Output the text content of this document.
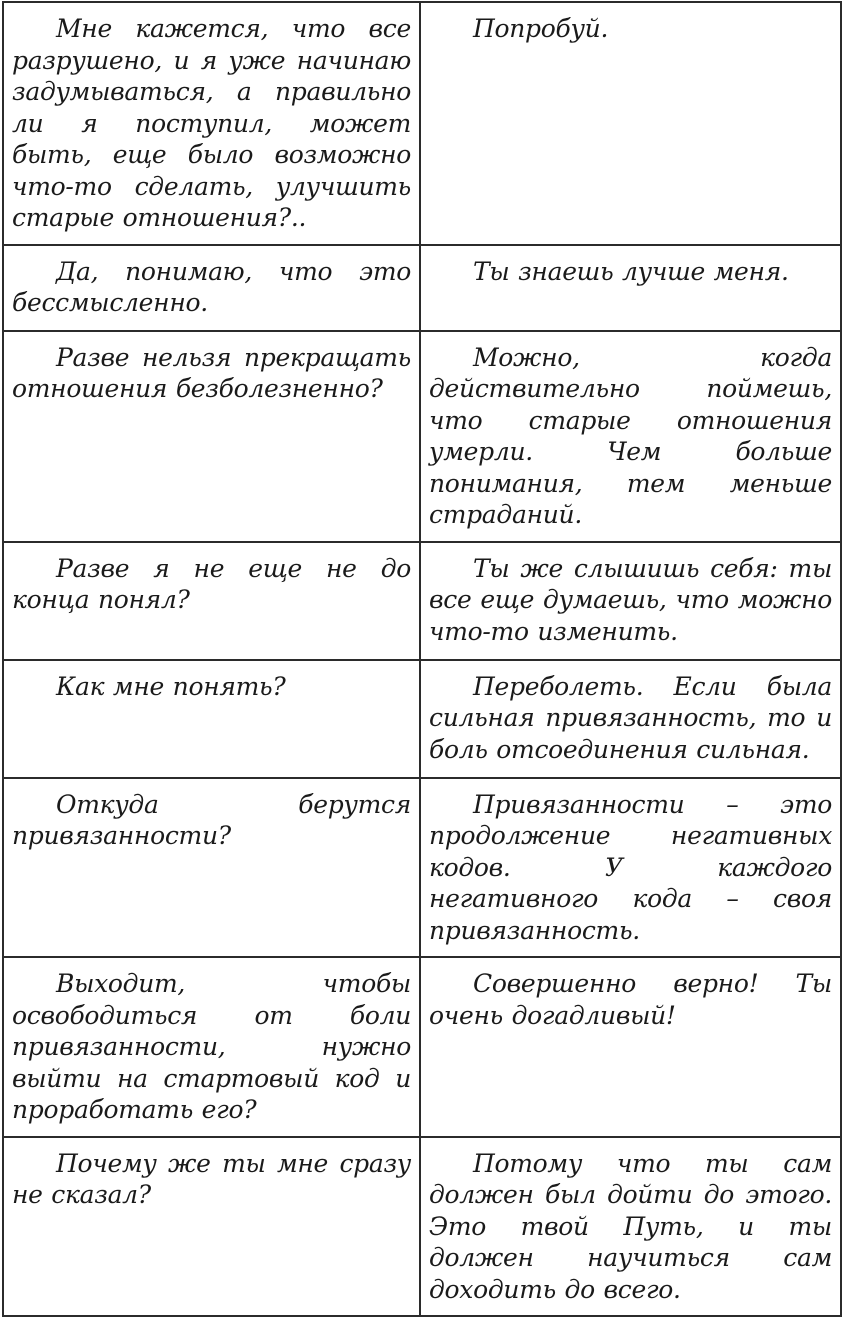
Мне кажется, что все разрушено, и я уже начинаю задумываться, а правильно ли я поступил, может быть, еще было возможно что-то сделать, улучшить старые отношения?..	Попробуй.
Да, понимаю, что это бессмысленно.	Ты знаешь лучше меня.
Разве нельзя прекращать отношения безболезненно?	Можно, когда действительно поймешь, что старые отношения умерли. Чем больше понимания, тем меньше страданий.
Разве я не еще не до конца понял?	Ты же слышишь себя: ты все еще думаешь, что можно что-то изменить.
Как мне понять?	Переболеть. Если была сильная привязанность, то и боль отсоединения сильная.
Откуда берутся привязанности?	Привязанности – это продолжение негативных кодов. У каждого негативного кода – своя привязанность.
Выходит, чтобы освободиться от боли привязанности, нужно выйти на стартовый код и проработать его?	Совершенно верно! Ты очень догадливый!
Почему же ты мне сразу не сказал?	Потому что ты сам должен был дойти до этого. Это твой Путь, и ты должен научиться сам доходить до всего.
